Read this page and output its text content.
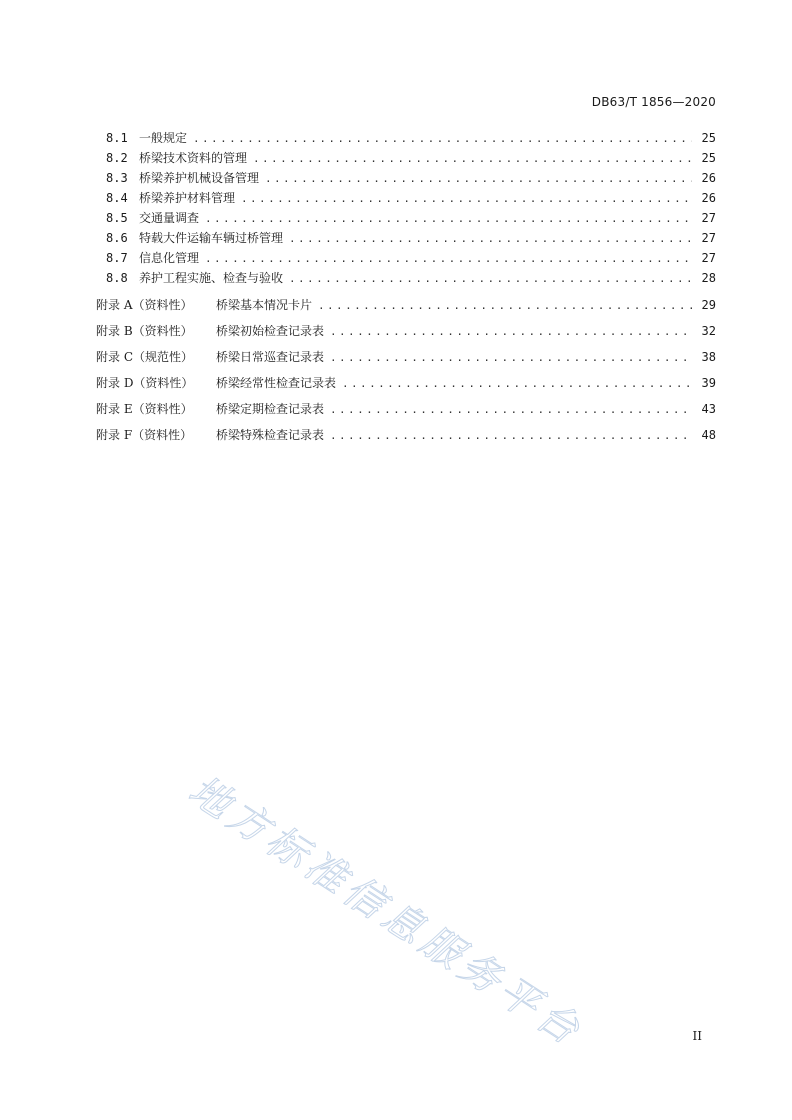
DB63/T 1856—2020
8.1 一般规定 .....	25
8.2 桥梁技术资料的管理 .....	25
8.3 桥梁养护机械设备管理 .....	26
8.4 桥梁养护材料管理 .....	26
8.5 交通量调查 .....	27
8.6 特载大件运输车辆过桥管理 .....	27
8.7 信息化管理 .....	27
8.8 养护工程实施、检查与验收 .....	28
附录 A（资料性）	桥梁基本情况卡片 .....	29
附录 B（资料性）	桥梁初始检查记录表 .....	32
附录 C（规范性）	桥梁日常巡查记录表 .....	38
附录 D（资料性）	桥梁经常性检查记录表 .....	39
附录 E（资料性）	桥梁定期检查记录表 .....	43
附录 F（资料性）	桥梁特殊检查记录表 .....	48
地方标准信息服务平台	II
